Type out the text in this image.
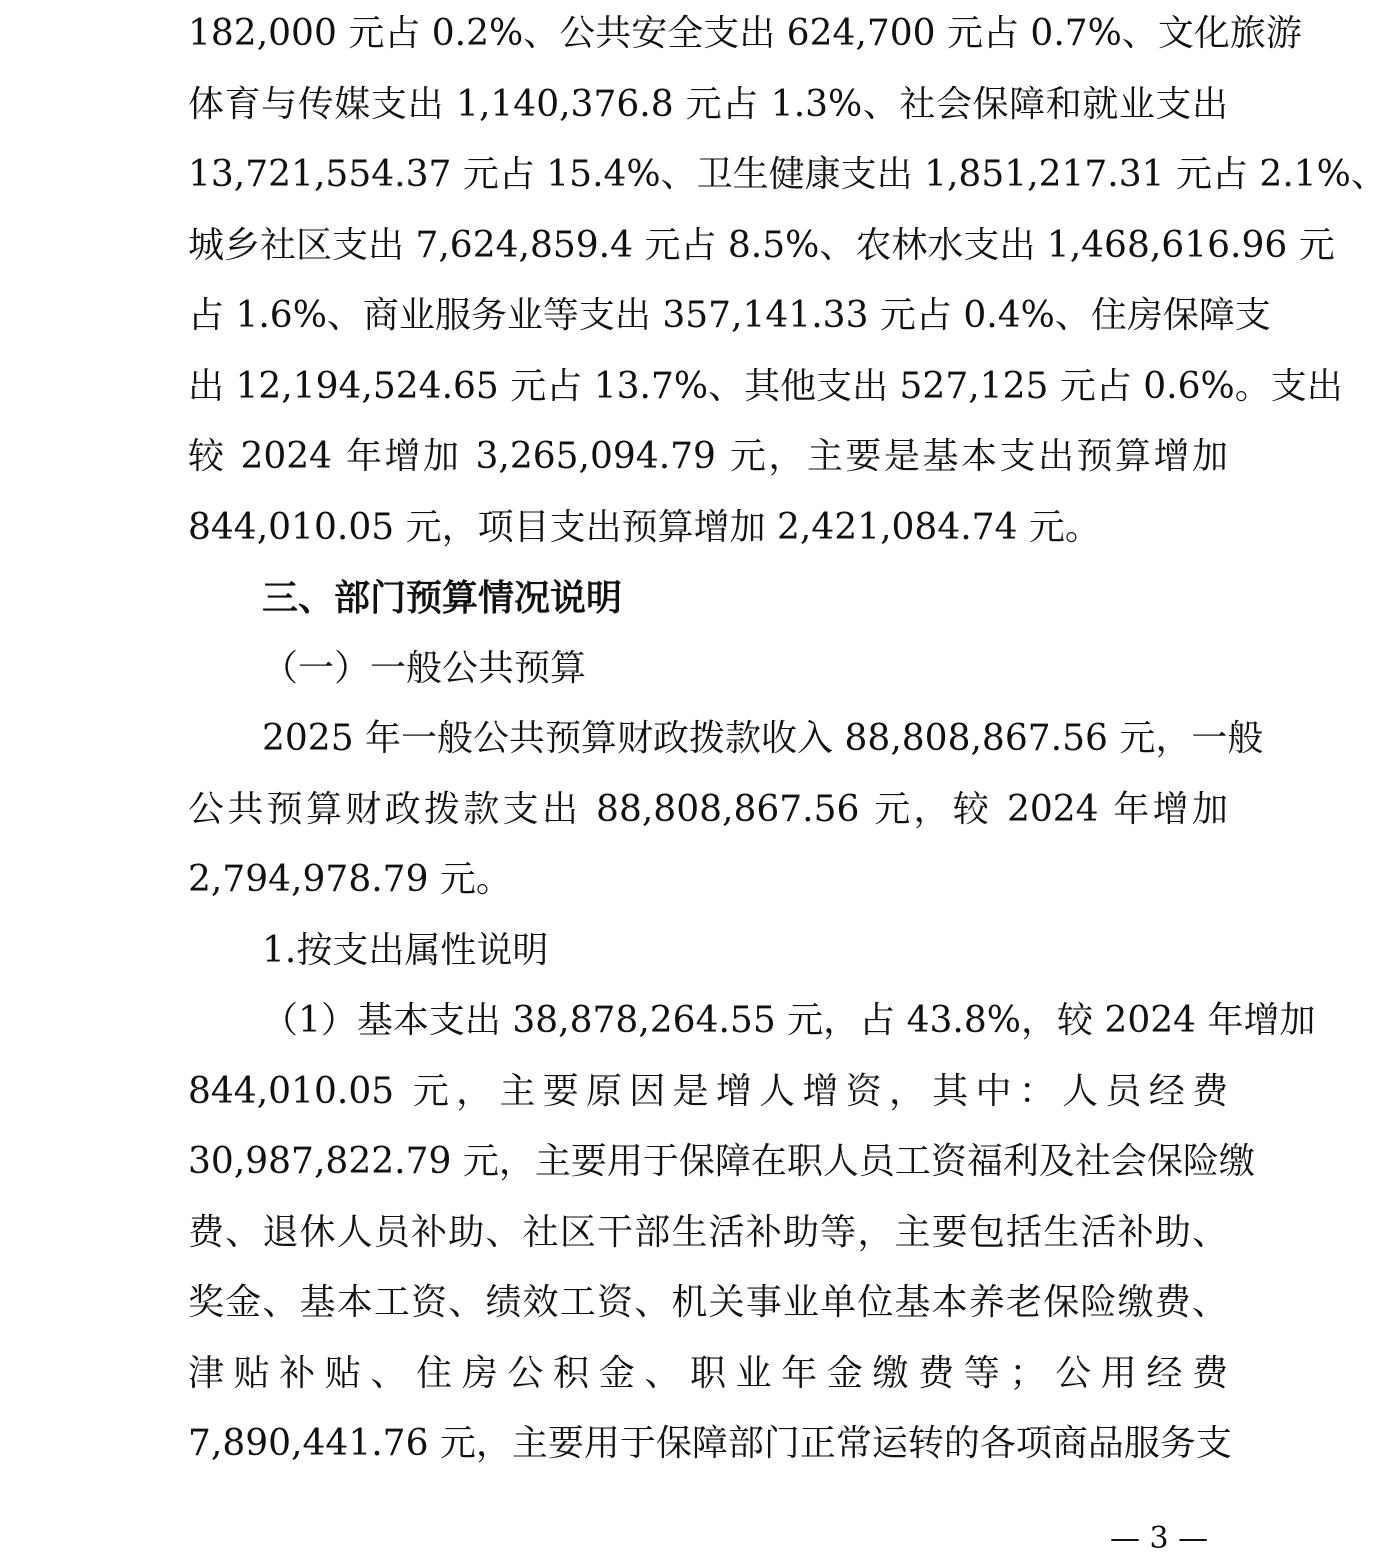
182,000 元占 0.2%、公共安全支出 624,700 元占 0.7%、文化旅游
体育与传媒支出 1,140,376.8 元占 1.3%、社会保障和就业支出
13,721,554.37 元占 15.4%、卫生健康支出 1,851,217.31 元占 2.1%、
城乡社区支出 7,624,859.4 元占 8.5%、农林水支出 1,468,616.96 元
占 1.6%、商业服务业等支出 357,141.33 元占 0.4%、住房保障支
出 12,194,524.65 元占 13.7%、其他支出 527,125 元占 0.6%。支出
较 2024 年增加 3,265,094.79 元，主要是基本支出预算增加
844,010.05 元，项目支出预算增加 2,421,084.74 元。
三、部门预算情况说明
（一）一般公共预算
2025 年一般公共预算财政拨款收入 88,808,867.56 元，一般
公共预算财政拨款支出 88,808,867.56 元，较 2024 年增加
2,794,978.79 元。
1.按支出属性说明
（1）基本支出 38,878,264.55 元，占 43.8%，较 2024 年增加
844,010.05 元，主要原因是增人增资，其中：人员经费
30,987,822.79 元，主要用于保障在职人员工资福利及社会保险缴
费、退休人员补助、社区干部生活补助等，主要包括生活补助、
奖金、基本工资、绩效工资、机关事业单位基本养老保险缴费、
津贴补贴、住房公积金、职业年金缴费等；公用经费
7,890,441.76 元，主要用于保障部门正常运转的各项商品服务支
— 3 —
